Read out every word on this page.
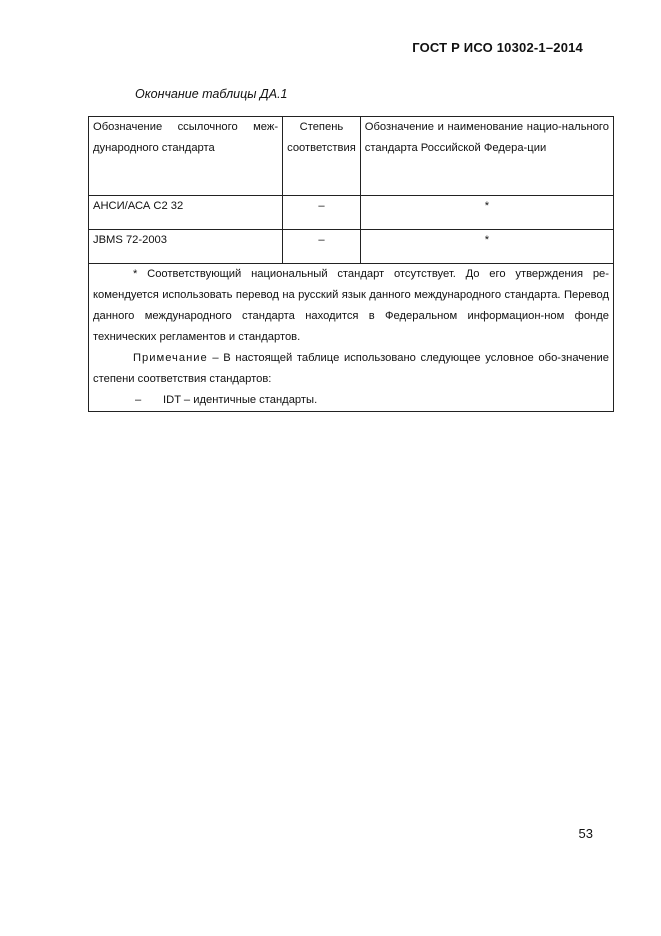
ГОСТ Р ИСО 10302-1–2014
Окончание таблицы ДА.1
Обозначение ссылочного меж-дународного стандарта	Степень соответствия	Обозначение и наименование нацио-нального стандарта Российской Федера-ции
АНСИ/АСА С2 32	–	*
JBMS 72-2003	–	*

* Соответствующий национальный стандарт отсутствует. До его утверждения ре-комендуется использовать перевод на русский язык данного международного стандарта. Перевод данного международного стандарта находится в Федеральном информацион-ном фонде технических регламентов и стандартов.

Примечание – В настоящей таблице использовано следующее условное обо-значение степени соответствия стандартов:

–	IDT – идентичные стандарты.
53
